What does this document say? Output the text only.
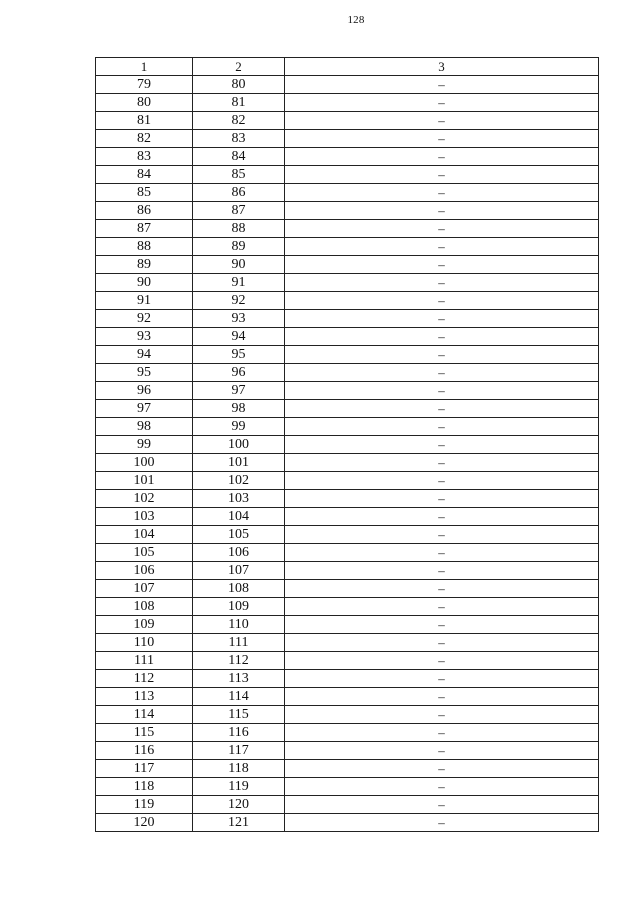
128
1	2	3
79	80	–
80	81	–
81	82	–
82	83	–
83	84	–
84	85	–
85	86	–
86	87	–
87	88	–
88	89	–
89	90	–
90	91	–
91	92	–
92	93	–
93	94	–
94	95	–
95	96	–
96	97	–
97	98	–
98	99	–
99	100	–
100	101	–
101	102	–
102	103	–
103	104	–
104	105	–
105	106	–
106	107	–
107	108	–
108	109	–
109	110	–
110	111	–
111	112	–
112	113	–
113	114	–
114	115	–
115	116	–
116	117	–
117	118	–
118	119	–
119	120	–
120	121	–
